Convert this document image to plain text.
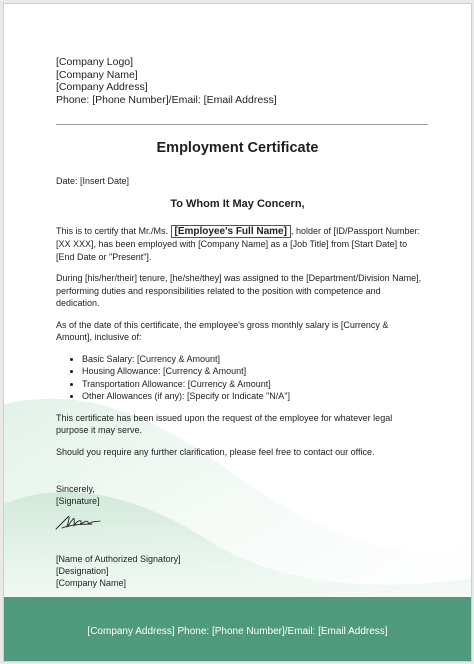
[Company Logo]
[Company Name]
[Company Address]
Phone: [Phone Number]/Email: [Email Address]
Employment Certificate
Date: [Insert Date]
To Whom It May Concern,

This is to certify that Mr./Ms. [Employee's Full Name] , holder of [ID/Passport Number: [XX XXX], has been employed with [Company Name] as a [Job Title] from [Start Date] to [End Date or "Present"].

During [his/her/their] tenure, [he/she/they] was assigned to the [Department/Division Name], performing duties and responsibilities related to the position with competence and dedication.

As of the date of this certificate, the employee's gross monthly salary is [Currency & Amount], inclusive of:

• Basic Salary: [Currency & Amount]
• Housing Allowance: [Currency & Amount]
• Transportation Allowance: [Currency & Amount]
• Other Allowances (if any): [Specify or Indicate "N/A"]

This certificate has been issued upon the request of the employee for whatever legal purpose it may serve.

Should you require any further clarification, please feel free to contact our office.

Sincerely,
[Signature]
[Name of Authorized Signatory]
[Designation]
[Company Name]
[Company Address] Phone: [Phone Number]/Email: [Email Address]
